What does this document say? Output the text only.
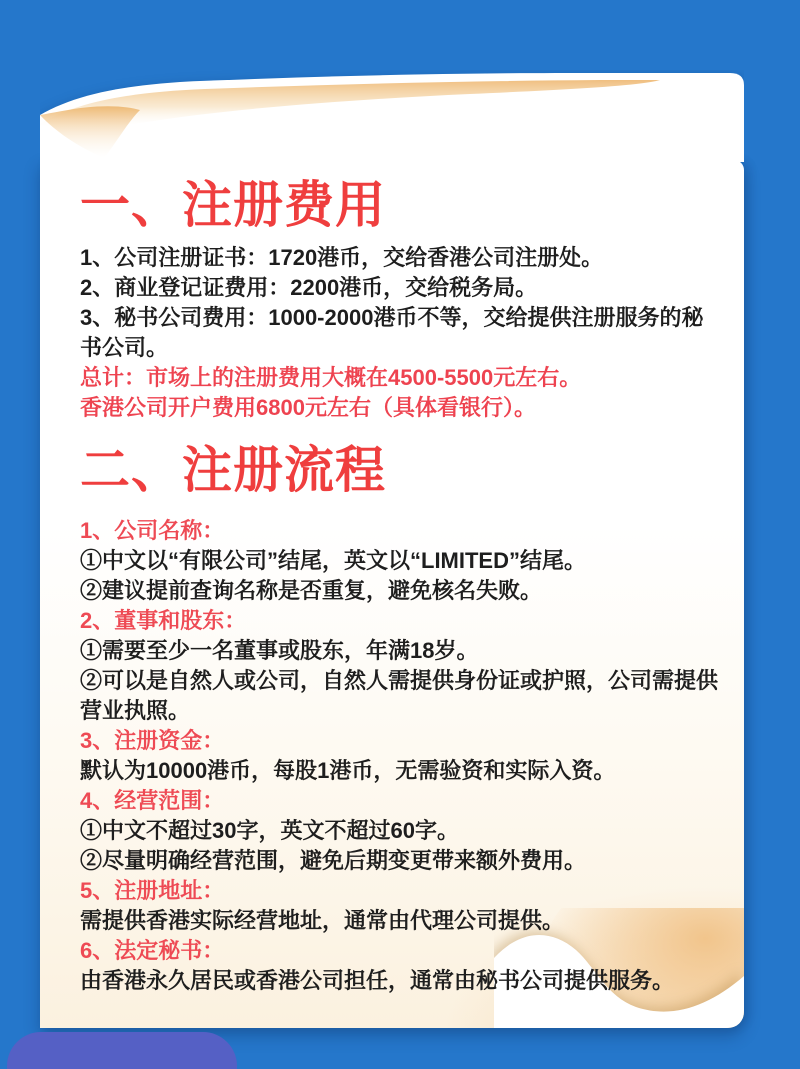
一、注册费用

1、公司注册证书：1720港币，交给香港公司注册处。

2、商业登记证费用：2200港币，交给税务局。

3、秘书公司费用：1000-2000港币不等，交给提供注册服务的秘书公司。

总计：市场上的注册费用大概在4500-5500元左右。

香港公司开户费用6800元左右（具体看银行）。

二、注册流程

1、公司名称：

①中文以“有限公司”结尾，英文以“LIMITED”结尾。

②建议提前查询名称是否重复，避免核名失败。

2、董事和股东：

①需要至少一名董事或股东，年满18岁。

②可以是自然人或公司，自然人需提供身份证或护照，公司需提供营业执照。

3、注册资金：

默认为10000港币，每股1港币，无需验资和实际入资。

4、经营范围：

①中文不超过30字，英文不超过60字。

②尽量明确经营范围，避免后期变更带来额外费用。

5、注册地址：

需提供香港实际经营地址，通常由代理公司提供。

6、法定秘书：

由香港永久居民或香港公司担任，通常由秘书公司提供服务。
